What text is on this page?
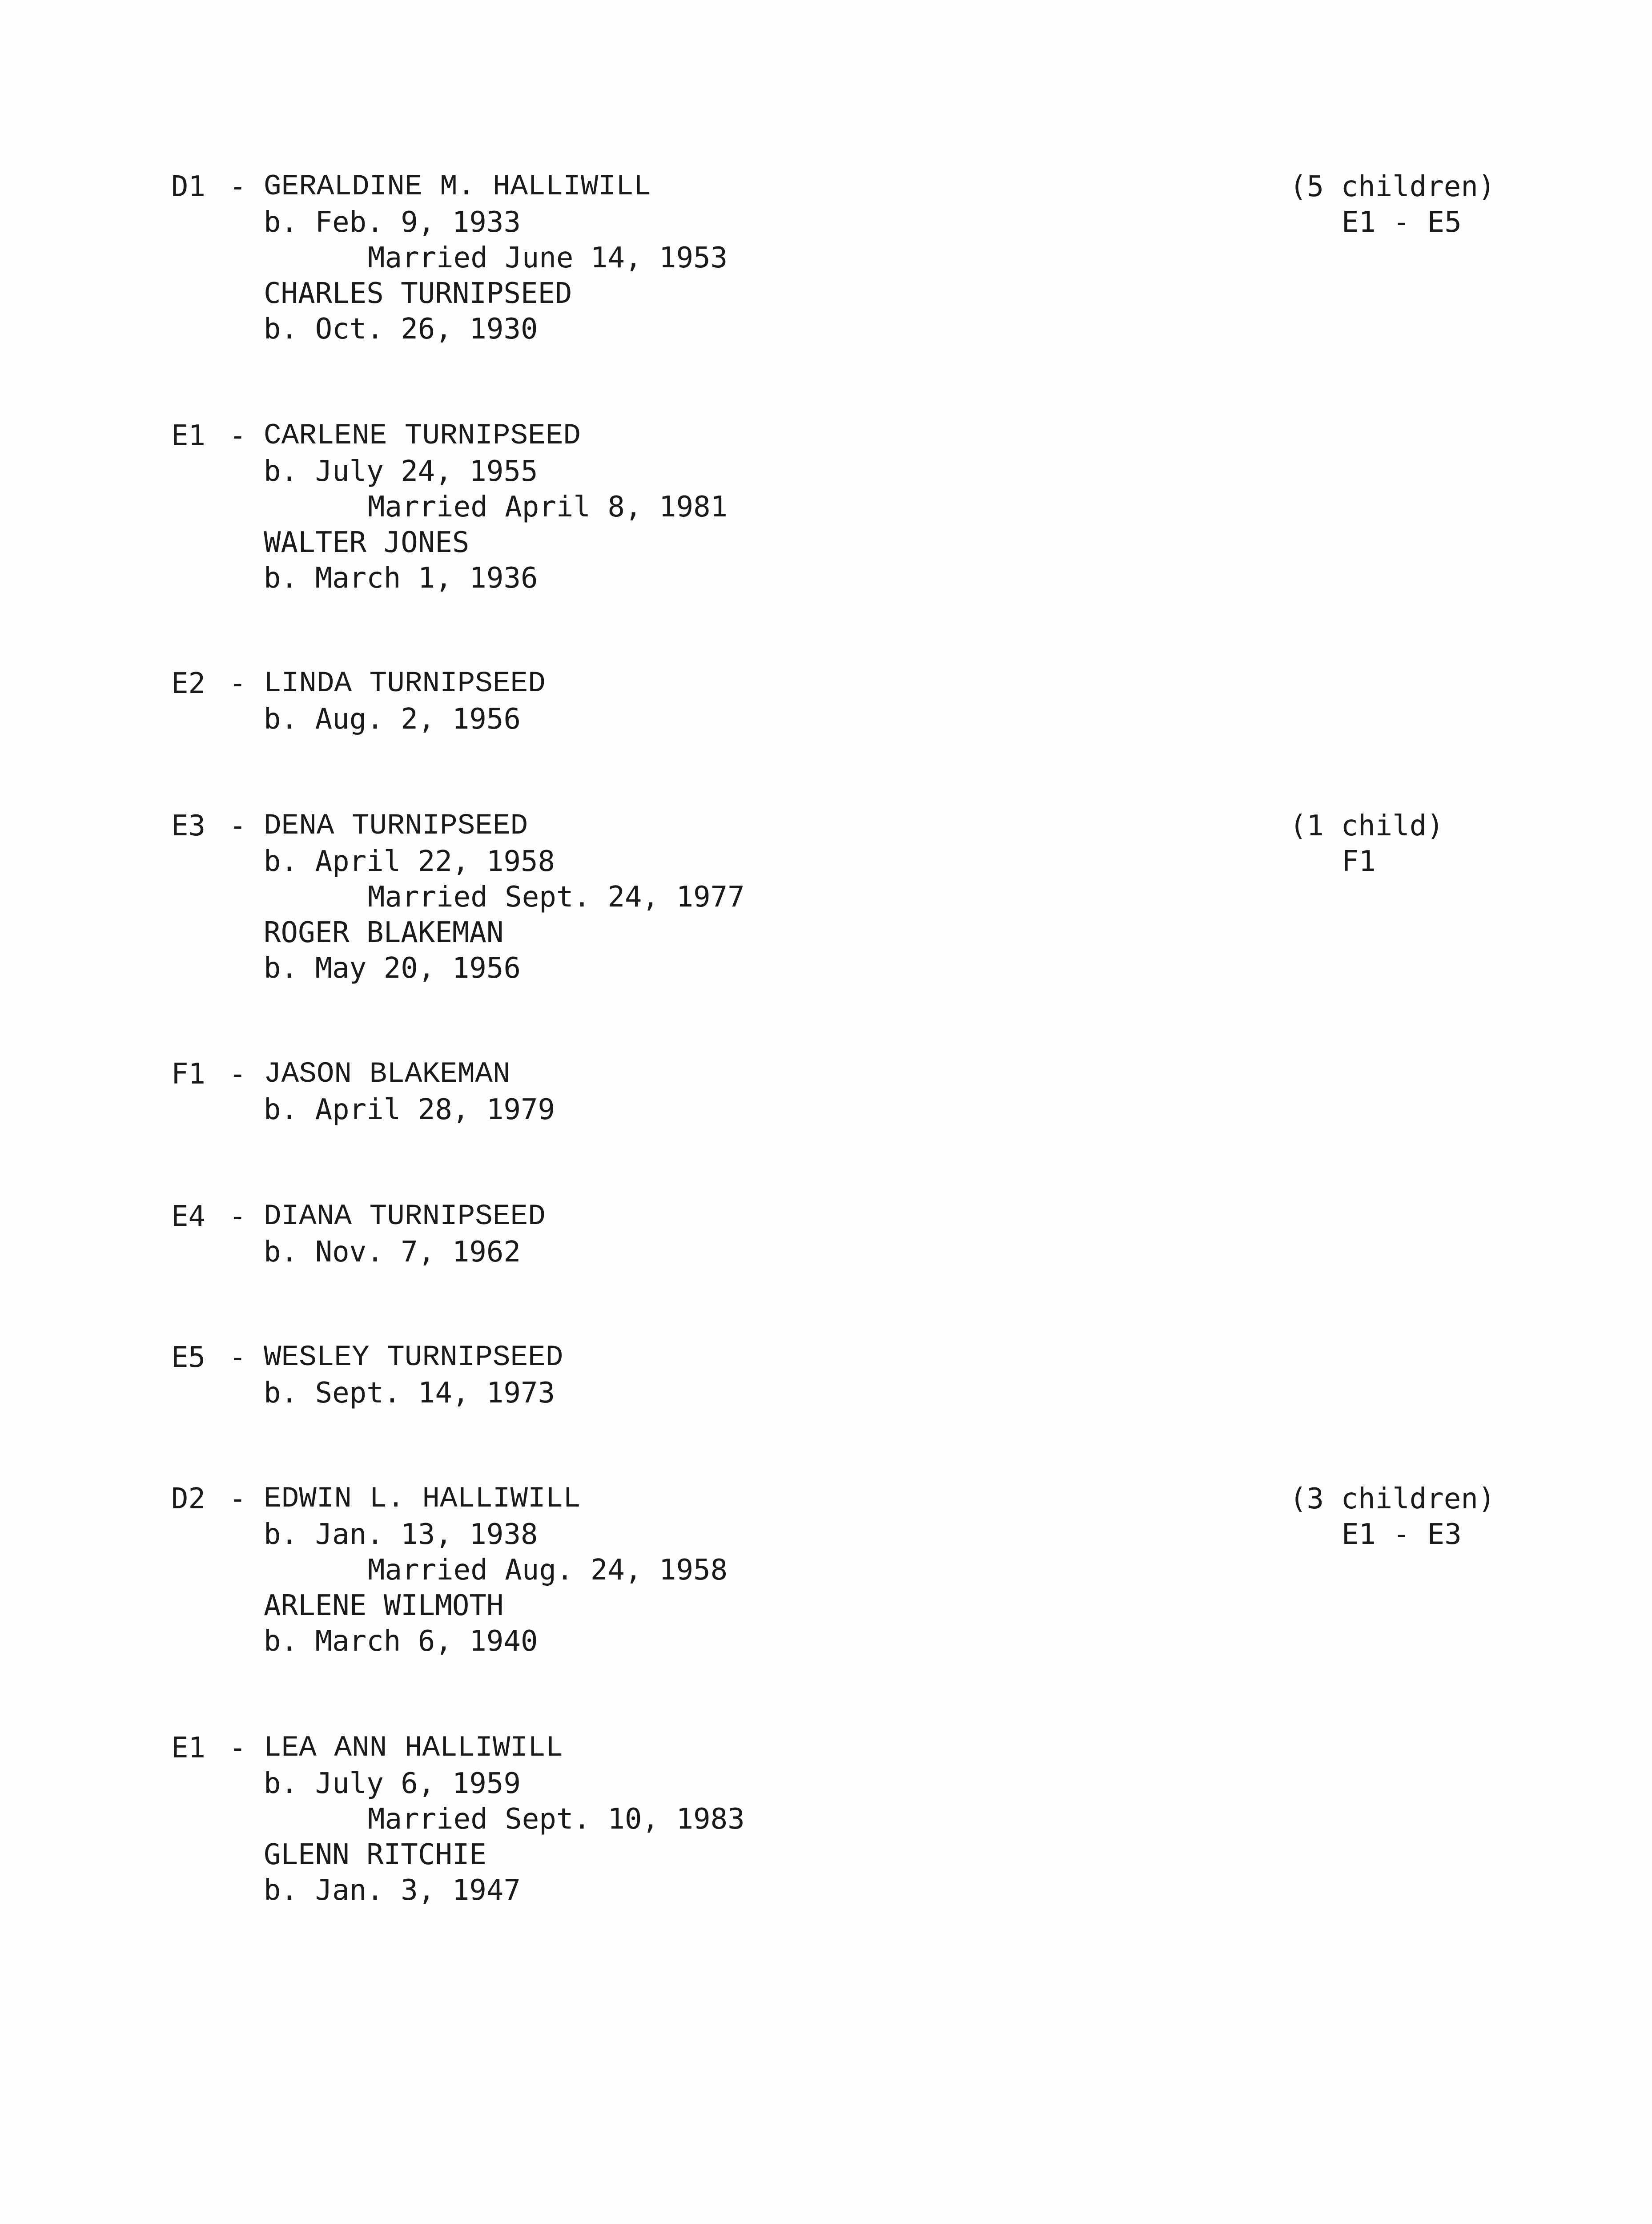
D1

-

GERALDINE M. HALLIWILL

b. Feb. 9, 1933
Married June 14, 1953
CHARLES TURNIPSEED
b. Oct. 26, 1930
(5 children)
E1 - E5

E1

-

CARLENE TURNIPSEED

b. July 24, 1955
Married April 8, 1981
WALTER JONES
b. March 1, 1936

E2

-

LINDA TURNIPSEED

b. Aug. 2, 1956

E3

-

DENA TURNIPSEED

b. April 22, 1958
Married Sept. 24, 1977
ROGER BLAKEMAN
b. May 20, 1956
(1 child)
F1

F1

-

JASON BLAKEMAN

b. April 28, 1979

E4

-

DIANA TURNIPSEED

b. Nov. 7, 1962

E5

-

WESLEY TURNIPSEED

b. Sept. 14, 1973

D2

-

EDWIN L. HALLIWILL

b. Jan. 13, 1938
Married Aug. 24, 1958
ARLENE WILMOTH
b. March 6, 1940
(3 children)
E1 - E3

E1

-

LEA ANN HALLIWILL

b. July 6, 1959
Married Sept. 10, 1983
GLENN RITCHIE
b. Jan. 3, 1947
